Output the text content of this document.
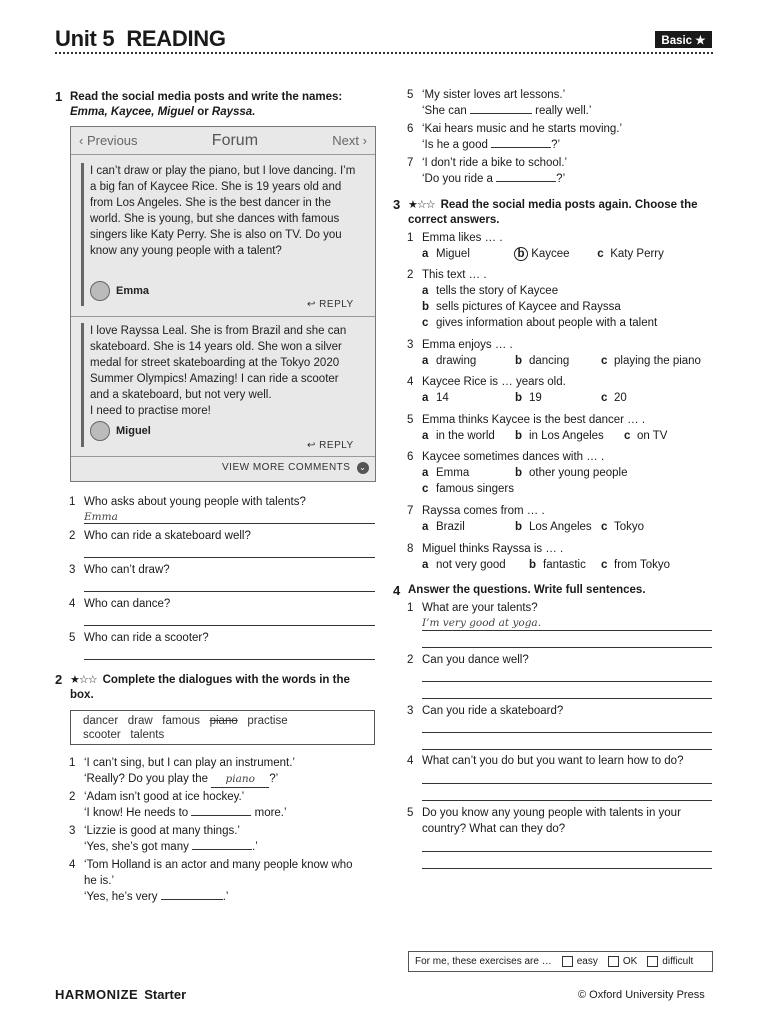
Unit 5 READING	Basic ★
1 Read the social media posts and write the names:
Emma, Kaycee, Miguel or Rayssa.
‹ Previous	Forum	Next ›
I can’t draw or play the piano, but I love dancing. I’m a big fan of Kaycee Rice. She is 19 years old and from Los Angeles. She is the best dancer in the world. She is young, but she dances with famous singers like Katy Perry. She is also on TV. Do you know any young people with a talent?
Emma
↩ REPLY
I love Rayssa Leal. She is from Brazil and she can skateboard. She is 14 years old. She won a silver medal for street skateboarding at the Tokyo 2020 Summer Olympics! Amazing! I can ride a scooter and a skateboard, but not very well.
I need to practise more!
Miguel
↩ REPLY
VIEW MORE COMMENTS ⌄
1 Who asks about young people with talents?
Emma
2 Who can ride a skateboard well?
3 Who can’t draw?
4 Who can dance?
5 Who can ride a scooter?
2 ★☆☆ Complete the dialogues with the words in the box.
dancer draw famous piano practise
scooter talents
1 ‘I can’t sing, but I can play an instrument.’
‘Really? Do you play the piano ?’
2 ‘Adam isn’t good at ice hockey.’
‘I know! He needs to	more.’
3 ‘Lizzie is good at many things.’
‘Yes, she’s got many	.’
4 ‘Tom Holland is an actor and many people know who
he is.’
‘Yes, he’s very	.’
5 ‘My sister loves art lessons.’
‘She can	really well.’
6 ‘Kai hears music and he starts moving.’
‘Is he a good	?’
7 ‘I don’t ride a bike to school.’
‘Do you ride a	?’
3 ★☆☆ Read the social media posts again. Choose the correct answers.
1 Emma likes … .
a Miguel	b Kaycee c Katy Perry
2 This text … .
a tells the story of Kaycee
b sells pictures of Kaycee and Rayssa
c gives information about people with a talent
3 Emma enjoys … .
a drawing	b dancing	c playing the piano
4 Kaycee Rice is … years old.
a 14	b 19	c 20
5 Emma thinks Kaycee is the best dancer … .
a in the world b in Los Angeles c on TV
6 Kaycee sometimes dances with … .
a Emma	b other young people
c famous singers
7 Rayssa comes from … .
a Brazil	b Los Angeles c Tokyo
8 Miguel thinks Rayssa is … .
a not very good b fantastic c from Tokyo
4 Answer the questions. Write full sentences.
1 What are your talents?
I’m very good at yoga.
2 Can you dance well?
3 Can you ride a skateboard?
4 What can’t you do but you want to learn how to do?
5 Do you know any young people with talents in your
country? What can they do?
For me, these exercises are …	easy	OK	difficult
HARMONIZE Starter	© Oxford University Press
